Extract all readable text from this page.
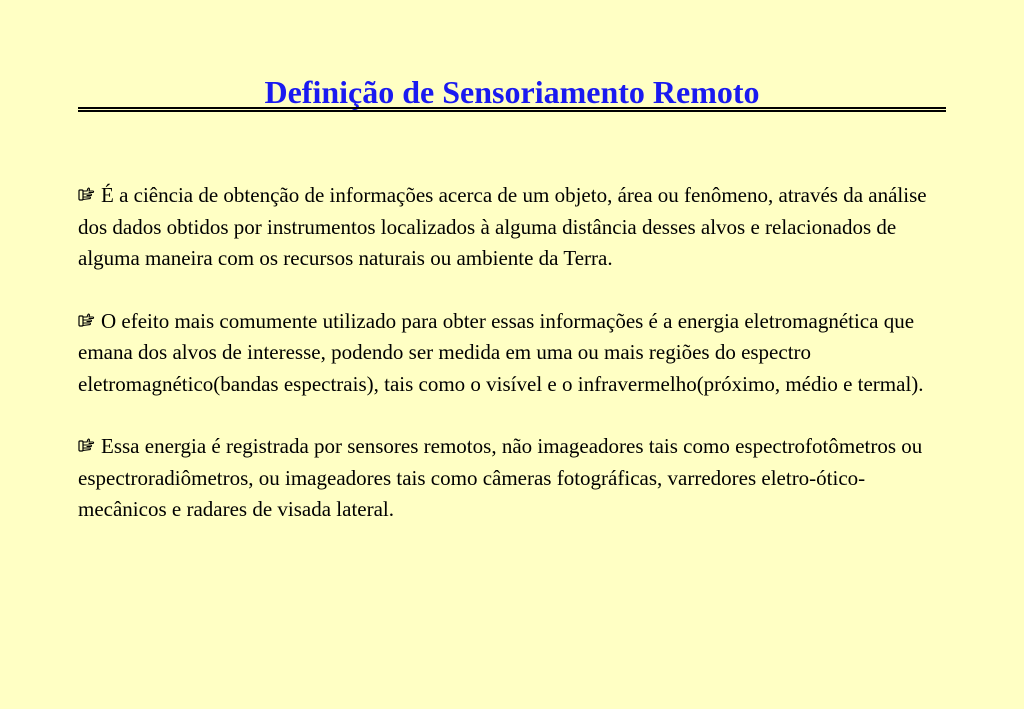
Definição de Sensoriamento Remoto
É a ciência de obtenção de informações acerca de um objeto, área ou fenômeno, através da análise dos dados obtidos por instrumentos localizados à alguma distância desses alvos e relacionados de alguma maneira com os recursos naturais ou ambiente da Terra.
O efeito mais comumente utilizado para obter essas informações é a energia eletromagnética que emana dos alvos de interesse, podendo ser medida em uma ou mais regiões do espectro eletromagnético(bandas espectrais), tais como o visível e o infravermelho(próximo, médio e termal).
Essa energia é registrada por sensores remotos, não imageadores tais como espectrofotômetros ou espectroradiômetros, ou imageadores tais como câmeras fotográficas, varredores eletro-ótico-mecânicos e radares de visada lateral.
